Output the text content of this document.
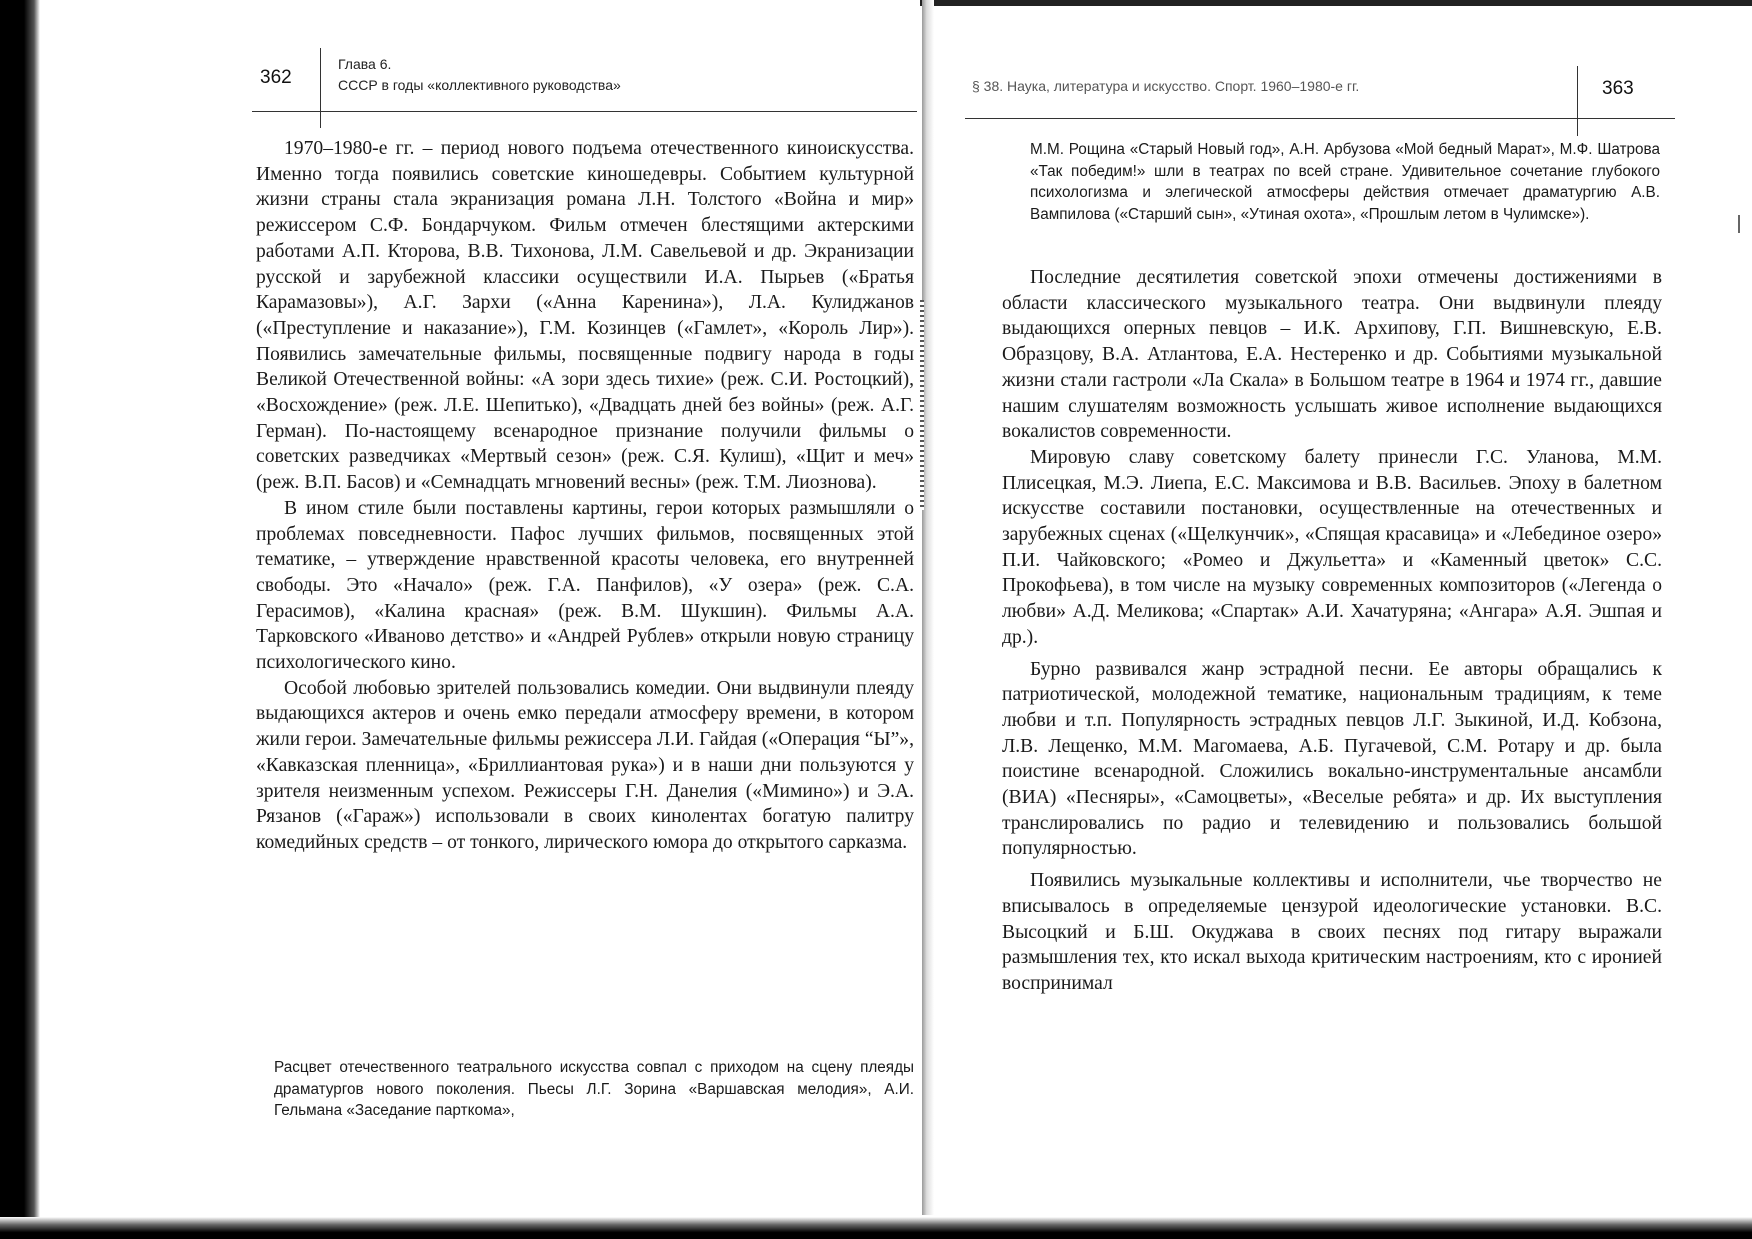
362
Глава 6.
СССР в годы «коллективного руководства»

1970–1980-е гг. – период нового подъема отечественного киноискусства. Именно тогда появились советские киношедевры. Событием культурной жизни страны стала экранизация романа Л.Н. Толстого «Война и мир» режиссером С.Ф. Бондарчуком. Фильм отмечен блестящими актерскими работами А.П. Кторова, В.В. Тихонова, Л.М. Савельевой и др. Экранизации русской и зарубежной классики осуществили И.А. Пырьев («Братья Карамазовы»), А.Г. Зархи («Анна Каренина»), Л.А. Кулиджанов («Преступление и наказание»), Г.М. Козинцев («Гамлет», «Король Лир»). Появились замечательные фильмы, посвященные подвигу народа в годы Великой Отечественной войны: «А зори здесь тихие» (реж. С.И. Ростоцкий), «Восхождение» (реж. Л.Е. Шепитько), «Двадцать дней без войны» (реж. А.Г. Герман). По-настоящему всенародное признание получили фильмы о советских разведчиках «Мертвый сезон» (реж. С.Я. Кулиш), «Щит и меч» (реж. В.П. Басов) и «Семнадцать мгновений весны» (реж. Т.М. Лиознова).

В ином стиле были поставлены картины, герои которых размышляли о проблемах повседневности. Пафос лучших фильмов, посвященных этой тематике, – утверждение нравственной красоты человека, его внутренней свободы. Это «Начало» (реж. Г.А. Панфилов), «У озера» (реж. С.А. Герасимов), «Калина красная» (реж. В.М. Шукшин). Фильмы А.А. Тарковского «Иваново детство» и «Андрей Рублев» открыли новую страницу психологического кино.

Особой любовью зрителей пользовались комедии. Они выдвинули плеяду выдающихся актеров и очень емко передали атмосферу времени, в котором жили герои. Замечательные фильмы режиссера Л.И. Гайдая («Операция “Ы”», «Кавказская пленница», «Бриллиантовая рука») и в наши дни пользуются у зрителя неизменным успехом. Режиссеры Г.Н. Данелия («Мимино») и Э.А. Рязанов («Гараж») использовали в своих кинолентах богатую палитру комедийных средств – от тонкого, лирического юмора до открытого сарказма.

Расцвет отечественного театрального искусства совпал с приходом на сцену плеяды драматургов нового поколения. Пьесы Л.Г. Зорина «Варшавская мелодия», А.И. Гельмана «Заседание парткома»,

§ 38. Наука, литература и искусство. Спорт. 1960–1980-е гг.	363

М.М. Рощина «Старый Новый год», А.Н. Арбузова «Мой бедный Марат», М.Ф. Шатрова «Так победим!» шли в театрах по всей стране. Удивительное сочетание глубокого психологизма и элегической атмосферы действия отмечает драматургию А.В. Вампилова («Старший сын», «Утиная охота», «Прошлым летом в Чулимске»).

Последние десятилетия советской эпохи отмечены достижениями в области классического музыкального театра. Они выдвинули плеяду выдающихся оперных певцов – И.К. Архипову, Г.П. Вишневскую, Е.В. Образцову, В.А. Атлантова, Е.А. Нестеренко и др. Событиями музыкальной жизни стали гастроли «Ла Скала» в Большом театре в 1964 и 1974 гг., давшие нашим слушателям возможность услышать живое исполнение выдающихся вокалистов современности.

Мировую славу советскому балету принесли Г.С. Уланова, М.М. Плисецкая, М.Э. Лиепа, Е.С. Максимова и В.В. Васильев. Эпоху в балетном искусстве составили постановки, осуществленные на отечественных и зарубежных сценах («Щелкунчик», «Спящая красавица» и «Лебединое озеро» П.И. Чайковского; «Ромео и Джульетта» и «Каменный цветок» С.С. Прокофьева), в том числе на музыку современных композиторов («Легенда о любви» А.Д. Меликова; «Спартак» А.И. Хачатуряна; «Ангара» А.Я. Эшпая и др.).

Бурно развивался жанр эстрадной песни. Ее авторы обращались к патриотической, молодежной тематике, национальным традициям, к теме любви и т.п. Популярность эстрадных певцов Л.Г. Зыкиной, И.Д. Кобзона, Л.В. Лещенко, М.М. Магомаева, А.Б. Пугачевой, С.М. Ротару и др. была поистине всенародной. Сложились вокально-инструментальные ансамбли (ВИА) «Песняры», «Самоцветы», «Веселые ребята» и др. Их выступления транслировались по радио и телевидению и пользовались большой популярностью.

Появились музыкальные коллективы и исполнители, чье творчество не вписывалось в определяемые цензурой идеологические установки. В.С. Высоцкий и Б.Ш. Окуджава в своих песнях под гитару выражали размышления тех, кто искал выхода критическим настроениям, кто с иронией воспринимал
